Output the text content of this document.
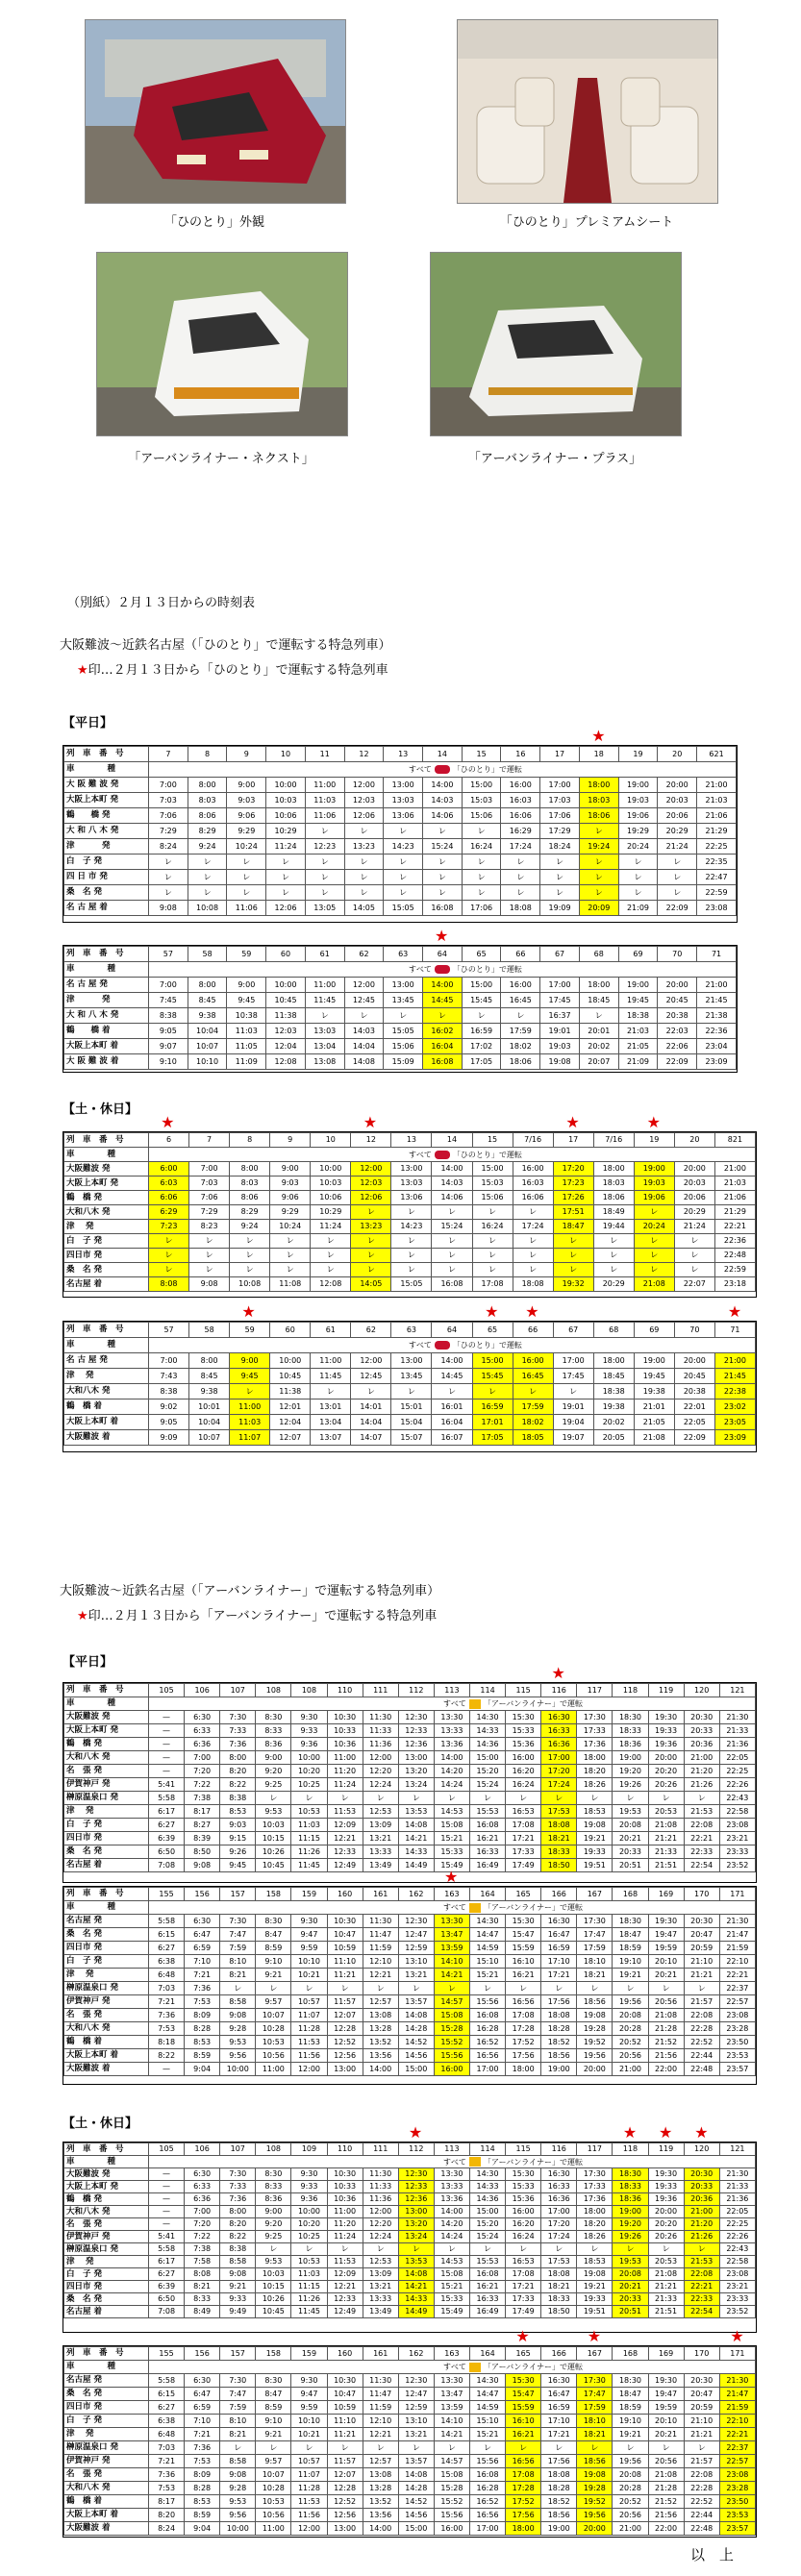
「ひのとり」外観	「ひのとり」プレミアムシート
「アーバンライナー・ネクスト」	「アーバンライナー・プラス」
（別紙）２月１３日からの時刻表
大阪難波～近鉄名古屋（「ひのとり」で運転する特急列車）
★印…２月１３日から「ひのとり」で運転する特急列車
【平日】
列　車　番　号	7	8	9	10	11	12	13	14	15	16	17	18	19	20	621
車　　　　種	すべて 「ひのとり」で運転														
大 阪 難 波 発	7:00	8:00	9:00	10:00	11:00	12:00	13:00	14:00	15:00	16:00	17:00	18:00	19:00	20:00	21:00
大阪上本町 発	7:03	8:03	9:03	10:03	11:03	12:03	13:03	14:03	15:03	16:03	17:03	18:03	19:03	20:03	21:03
鶴　　橋 発	7:06	8:06	9:06	10:06	11:06	12:06	13:06	14:06	15:06	16:06	17:06	18:06	19:06	20:06	21:06
大 和 八 木 発	7:29	8:29	9:29	10:29	レ	レ	レ	レ	レ	16:29	17:29	レ	19:29	20:29	21:29
津　　　 発	8:24	9:24	10:24	11:24	12:23	13:23	14:23	15:24	16:24	17:24	18:24	19:24	20:24	21:24	22:25
白　子 発	レ	レ	レ	レ	レ	レ	レ	レ	レ	レ	レ	レ	レ	レ	22:35
四 日 市 発	レ	レ	レ	レ	レ	レ	レ	レ	レ	レ	レ	レ	レ	レ	22:47
桑　名 発	レ	レ	レ	レ	レ	レ	レ	レ	レ	レ	レ	レ	レ	レ	22:59
名 古 屋 着	9:08	10:08	11:06	12:06	13:05	14:05	15:05	16:08	17:06	18:08	19:09	20:09	21:09	22:09	23:08
列　車　番　号	57	58	59	60	61	62	63	64	65	66	67	68	69	70	71
車　　　　種	すべて 「ひのとり」で運転														
名 古 屋 発	7:00	8:00	9:00	10:00	11:00	12:00	13:00	14:00	15:00	16:00	17:00	18:00	19:00	20:00	21:00
津　　　 発	7:45	8:45	9:45	10:45	11:45	12:45	13:45	14:45	15:45	16:45	17:45	18:45	19:45	20:45	21:45
大 和 八 木 発	8:38	9:38	10:38	11:38	レ	レ	レ	レ	レ	レ	16:37	レ	18:38	20:38	21:38
鶴　　橋 着	9:05	10:04	11:03	12:03	13:03	14:03	15:05	16:02	16:59	17:59	19:01	20:01	21:03	22:03	22:36
大阪上本町 着	9:07	10:07	11:05	12:04	13:04	14:04	15:06	16:04	17:02	18:02	19:03	20:02	21:05	22:06	23:04
大 阪 難 波 着	9:10	10:10	11:09	12:08	13:08	14:08	15:09	16:08	17:05	18:06	19:08	20:07	21:09	22:09	23:09
【土・休日】
列　車　番　号	6	7	8	9	10	12	13	14	15	7/16	17	7/16	19	20	821
車　　　　種	すべて 「ひのとり」で運転														
大阪難波 発	6:00	7:00	8:00	9:00	10:00	12:00	13:00	14:00	15:00	16:00	17:20	18:00	19:00	20:00	21:00
大阪上本町 発	6:03	7:03	8:03	9:03	10:03	12:03	13:03	14:03	15:03	16:03	17:23	18:03	19:03	20:03	21:03
鶴　橋 発	6:06	7:06	8:06	9:06	10:06	12:06	13:06	14:06	15:06	16:06	17:26	18:06	19:06	20:06	21:06
大和八木 発	6:29	7:29	8:29	9:29	10:29	レ	レ	レ	レ	レ	17:51	18:49	レ	20:29	21:29
津　 発	7:23	8:23	9:24	10:24	11:24	13:23	14:23	15:24	16:24	17:24	18:47	19:44	20:24	21:24	22:21
白　子 発	レ	レ	レ	レ	レ	レ	レ	レ	レ	レ	レ	レ	レ	レ	22:36
四日市 発	レ	レ	レ	レ	レ	レ	レ	レ	レ	レ	レ	レ	レ	レ	22:48
桑　名 発	レ	レ	レ	レ	レ	レ	レ	レ	レ	レ	レ	レ	レ	レ	22:59
名古屋 着	8:08	9:08	10:08	11:08	12:08	14:05	15:05	16:08	17:08	18:08	19:32	20:29	21:08	22:07	23:18
列　車　番　号	57	58	59	60	61	62	63	64	65	66	67	68	69	70	71
車　　　　種	すべて 「ひのとり」で運転														
名 古 屋 発	7:00	8:00	9:00	10:00	11:00	12:00	13:00	14:00	15:00	16:00	17:00	18:00	19:00	20:00	21:00
津　 発	7:43	8:45	9:45	10:45	11:45	12:45	13:45	14:45	15:45	16:45	17:45	18:45	19:45	20:45	21:45
大和八木 発	8:38	9:38	レ	11:38	レ	レ	レ	レ	レ	レ	レ	18:38	19:38	20:38	22:38
鶴　橋 着	9:02	10:01	11:00	12:01	13:01	14:01	15:01	16:01	16:59	17:59	19:01	19:38	21:01	22:01	23:02
大阪上本町 着	9:05	10:04	11:03	12:04	13:04	14:04	15:04	16:04	17:01	18:02	19:04	20:02	21:05	22:05	23:05
大阪難波 着	9:09	10:07	11:07	12:07	13:07	14:07	15:07	16:07	17:05	18:05	19:07	20:05	21:08	22:09	23:09
大阪難波～近鉄名古屋（「アーバンライナー」で運転する特急列車）
★印…２月１３日から「アーバンライナー」で運転する特急列車
【平日】
列　車　番　号	105	106	107	108	108	110	111	112	113	114	115	116	117	118	119	120	121
車　　　　種	すべて 「アーバンライナー」で運転																
大阪難波 発	—	6:30	7:30	8:30	9:30	10:30	11:30	12:30	13:30	14:30	15:30	16:30	17:30	18:30	19:30	20:30	21:30
大阪上本町 発	—	6:33	7:33	8:33	9:33	10:33	11:33	12:33	13:33	14:33	15:33	16:33	17:33	18:33	19:33	20:33	21:33
鶴　橋 発	—	6:36	7:36	8:36	9:36	10:36	11:36	12:36	13:36	14:36	15:36	16:36	17:36	18:36	19:36	20:36	21:36
大和八木 発	—	7:00	8:00	9:00	10:00	11:00	12:00	13:00	14:00	15:00	16:00	17:00	18:00	19:00	20:00	21:00	22:05
名　張 発	—	7:20	8:20	9:20	10:20	11:20	12:20	13:20	14:20	15:20	16:20	17:20	18:20	19:20	20:20	21:20	22:25
伊賀神戸 発	5:41	7:22	8:22	9:25	10:25	11:24	12:24	13:24	14:24	15:24	16:24	17:24	18:26	19:26	20:26	21:26	22:26
榊原温泉口 発	5:58	7:38	8:38	レ	レ	レ	レ	レ	レ	レ	レ	レ	レ	レ	レ	レ	22:43
津　 発	6:17	8:17	8:53	9:53	10:53	11:53	12:53	13:53	14:53	15:53	16:53	17:53	18:53	19:53	20:53	21:53	22:58
白　子 発	6:27	8:27	9:03	10:03	11:03	12:09	13:09	14:08	15:08	16:08	17:08	18:08	19:08	20:08	21:08	22:08	23:08
四日市 発	6:39	8:39	9:15	10:15	11:15	12:21	13:21	14:21	15:21	16:21	17:21	18:21	19:21	20:21	21:21	22:21	23:21
桑　名 発	6:50	8:50	9:26	10:26	11:26	12:33	13:33	14:33	15:33	16:33	17:33	18:33	19:33	20:33	21:33	22:33	23:33
名古屋 着	7:08	9:08	9:45	10:45	11:45	12:49	13:49	14:49	15:49	16:49	17:49	18:50	19:51	20:51	21:51	22:54	23:52
列　車　番　号	155	156	157	158	159	160	161	162	163	164	165	166	167	168	169	170	171
車　　　　種	すべて 「アーバンライナー」で運転																
名古屋 発	5:58	6:30	7:30	8:30	9:30	10:30	11:30	12:30	13:30	14:30	15:30	16:30	17:30	18:30	19:30	20:30	21:30
桑　名 発	6:15	6:47	7:47	8:47	9:47	10:47	11:47	12:47	13:47	14:47	15:47	16:47	17:47	18:47	19:47	20:47	21:47
四日市 発	6:27	6:59	7:59	8:59	9:59	10:59	11:59	12:59	13:59	14:59	15:59	16:59	17:59	18:59	19:59	20:59	21:59
白　子 発	6:38	7:10	8:10	9:10	10:10	11:10	12:10	13:10	14:10	15:10	16:10	17:10	18:10	19:10	20:10	21:10	22:10
津　 発	6:48	7:21	8:21	9:21	10:21	11:21	12:21	13:21	14:21	15:21	16:21	17:21	18:21	19:21	20:21	21:21	22:21
榊原温泉口 発	7:03	7:36	レ	レ	レ	レ	レ	レ	レ	レ	レ	レ	レ	レ	レ	レ	22:37
伊賀神戸 発	7:21	7:53	8:58	9:57	10:57	11:57	12:57	13:57	14:57	15:56	16:56	17:56	18:56	19:56	20:56	21:57	22:57
名　張 発	7:36	8:09	9:08	10:07	11:07	12:07	13:08	14:08	15:08	16:08	17:08	18:08	19:08	20:08	21:08	22:08	23:08
大和八木 発	7:53	8:28	9:28	10:28	11:28	12:28	13:28	14:28	15:28	16:28	17:28	18:28	19:28	20:28	21:28	22:28	23:28
鶴　橋 着	8:18	8:53	9:53	10:53	11:53	12:52	13:52	14:52	15:52	16:52	17:52	18:52	19:52	20:52	21:52	22:52	23:50
大阪上本町 着	8:22	8:59	9:56	10:56	11:56	12:56	13:56	14:56	15:56	16:56	17:56	18:56	19:56	20:56	21:56	22:44	23:53
大阪難波 着	—	9:04	10:00	11:00	12:00	13:00	14:00	15:00	16:00	17:00	18:00	19:00	20:00	21:00	22:00	22:48	23:57
【土・休日】
列　車　番　号	105	106	107	108	109	110	111	112	113	114	115	116	117	118	119	120	121
車　　　　種	すべて 「アーバンライナー」で運転																
大阪難波 発	—	6:30	7:30	8:30	9:30	10:30	11:30	12:30	13:30	14:30	15:30	16:30	17:30	18:30	19:30	20:30	21:30
大阪上本町 発	—	6:33	7:33	8:33	9:33	10:33	11:33	12:33	13:33	14:33	15:33	16:33	17:33	18:33	19:33	20:33	21:33
鶴　橋 発	—	6:36	7:36	8:36	9:36	10:36	11:36	12:36	13:36	14:36	15:36	16:36	17:36	18:36	19:36	20:36	21:36
大和八木 発	—	7:00	8:00	9:00	10:00	11:00	12:00	13:00	14:00	15:00	16:00	17:00	18:00	19:00	20:00	21:00	22:05
名　張 発	—	7:20	8:20	9:20	10:20	11:20	12:20	13:20	14:20	15:20	16:20	17:20	18:20	19:20	20:20	21:20	22:25
伊賀神戸 発	5:41	7:22	8:22	9:25	10:25	11:24	12:24	13:24	14:24	15:24	16:24	17:24	18:26	19:26	20:26	21:26	22:26
榊原温泉口 発	5:58	7:38	8:38	レ	レ	レ	レ	レ	レ	レ	レ	レ	レ	レ	レ	レ	22:43
津　 発	6:17	7:58	8:58	9:53	10:53	11:53	12:53	13:53	14:53	15:53	16:53	17:53	18:53	19:53	20:53	21:53	22:58
白　子 発	6:27	8:08	9:08	10:03	11:03	12:09	13:09	14:08	15:08	16:08	17:08	18:08	19:08	20:08	21:08	22:08	23:08
四日市 発	6:39	8:21	9:21	10:15	11:15	12:21	13:21	14:21	15:21	16:21	17:21	18:21	19:21	20:21	21:21	22:21	23:21
桑　名 発	6:50	8:33	9:33	10:26	11:26	12:33	13:33	14:33	15:33	16:33	17:33	18:33	19:33	20:33	21:33	22:33	23:33
名古屋 着	7:08	8:49	9:49	10:45	11:45	12:49	13:49	14:49	15:49	16:49	17:49	18:50	19:51	20:51	21:51	22:54	23:52
列　車　番　号	155	156	157	158	159	160	161	162	163	164	165	166	167	168	169	170	171
車　　　　種	すべて 「アーバンライナー」で運転																
名古屋 発	5:58	6:30	7:30	8:30	9:30	10:30	11:30	12:30	13:30	14:30	15:30	16:30	17:30	18:30	19:30	20:30	21:30
桑　名 発	6:15	6:47	7:47	8:47	9:47	10:47	11:47	12:47	13:47	14:47	15:47	16:47	17:47	18:47	19:47	20:47	21:47
四日市 発	6:27	6:59	7:59	8:59	9:59	10:59	11:59	12:59	13:59	14:59	15:59	16:59	17:59	18:59	19:59	20:59	21:59
白　子 発	6:38	7:10	8:10	9:10	10:10	11:10	12:10	13:10	14:10	15:10	16:10	17:10	18:10	19:10	20:10	21:10	22:10
津　 発	6:48	7:21	8:21	9:21	10:21	11:21	12:21	13:21	14:21	15:21	16:21	17:21	18:21	19:21	20:21	21:21	22:21
榊原温泉口 発	7:03	7:36	レ	レ	レ	レ	レ	レ	レ	レ	レ	レ	レ	レ	レ	レ	22:37
伊賀神戸 発	7:21	7:53	8:58	9:57	10:57	11:57	12:57	13:57	14:57	15:56	16:56	17:56	18:56	19:56	20:56	21:57	22:57
名　張 発	7:36	8:09	9:08	10:07	11:07	12:07	13:08	14:08	15:08	16:08	17:08	18:08	19:08	20:08	21:08	22:08	23:08
大和八木 発	7:53	8:28	9:28	10:28	11:28	12:28	13:28	14:28	15:28	16:28	17:28	18:28	19:28	20:28	21:28	22:28	23:28
鶴　橋 着	8:17	8:53	9:53	10:53	11:53	12:52	13:52	14:52	15:52	16:52	17:52	18:52	19:52	20:52	21:52	22:52	23:50
大阪上本町 着	8:20	8:59	9:56	10:56	11:56	12:56	13:56	14:56	15:56	16:56	17:56	18:56	19:56	20:56	21:56	22:44	23:53
大阪難波 着	8:24	9:04	10:00	11:00	12:00	13:00	14:00	15:00	16:00	17:00	18:00	19:00	20:00	21:00	22:00	22:48	23:57
以　上
★
★
★	★	★	★
★	★ ★	★
★
★
★	★ ★ ★
★	★	★
